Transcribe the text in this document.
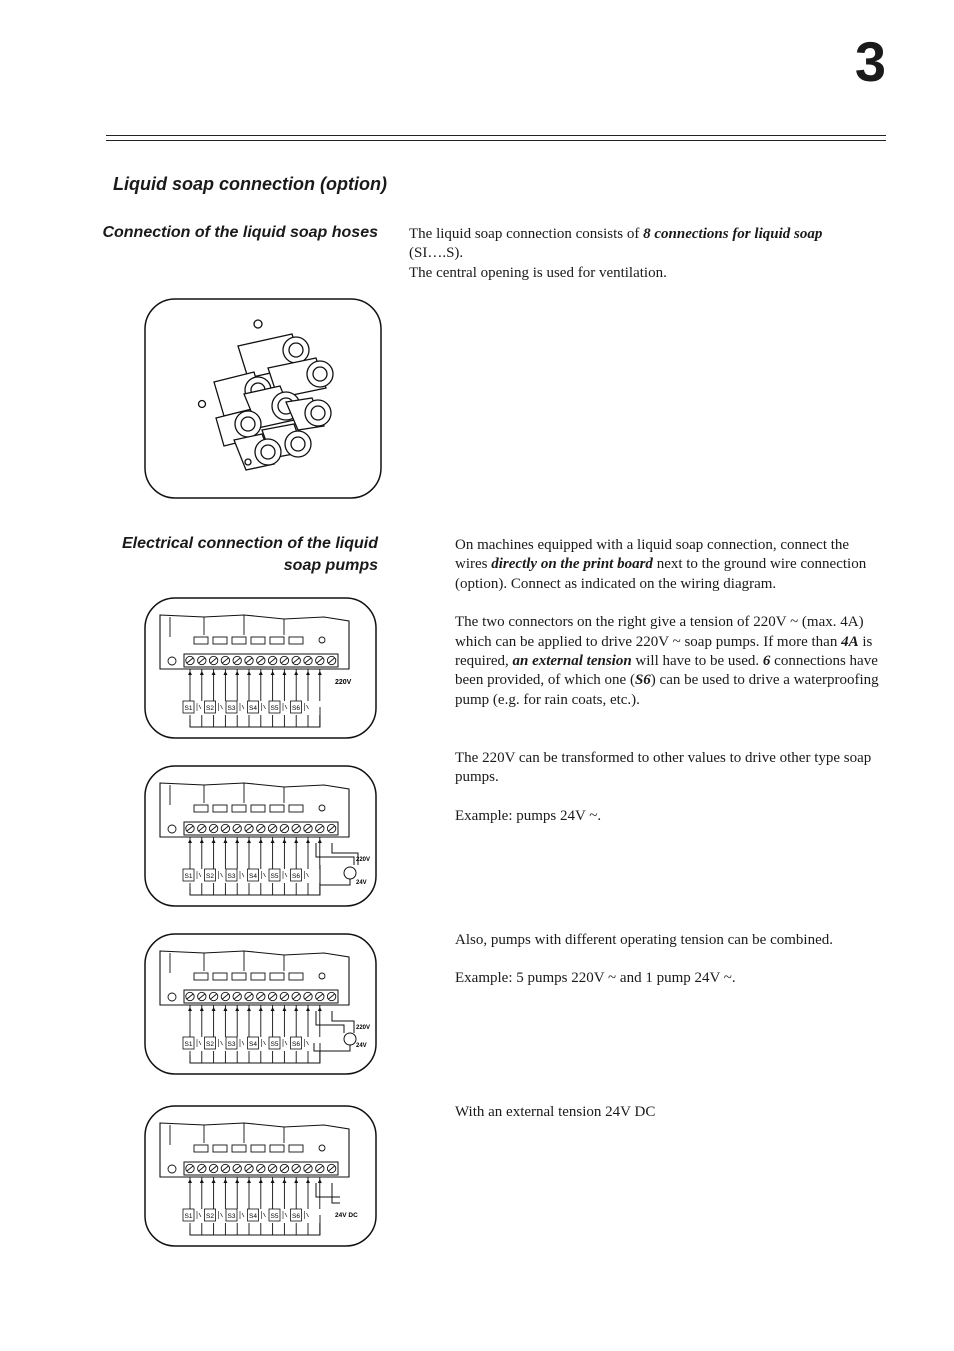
3
Liquid soap connection (option)
Connection of the liquid soap hoses The liquid soap connection consists of 8 connections for liquid soap (SI….S).

The central opening is used for ventilation.

Electrical connection of the liquid soap pumps

On machines equipped with a liquid soap connection, connect the wires directly on the print board next to the ground wire connection (option). Connect as indicated on the wiring diagram.

The two connectors on the right give a tension of 220V ~ (max. 4A) which can be applied to drive 220V ~ soap pumps. If more than 4A is required, an external tension will have to be used. 6 connections have been provided, of which one (S6) can be used to drive a waterproofing pump (e.g. for rain coats, etc.).

The 220V can be transformed to other values to drive other type soap pumps.

Example: pumps 24V ~.

Also, pumps with different operating tension can be combined.

Example: 5 pumps 220V ~ and 1 pump 24V ~.

With an external tension 24V DC

S1 S2 S3 S4 S5 S6
220V
S1 S2 S3 S4 S5 S6
220V
24V
S1 S2 S3 S4 S5 S6
220V
24V
S1 S2 S3 S4 S5 S6	24V DC
